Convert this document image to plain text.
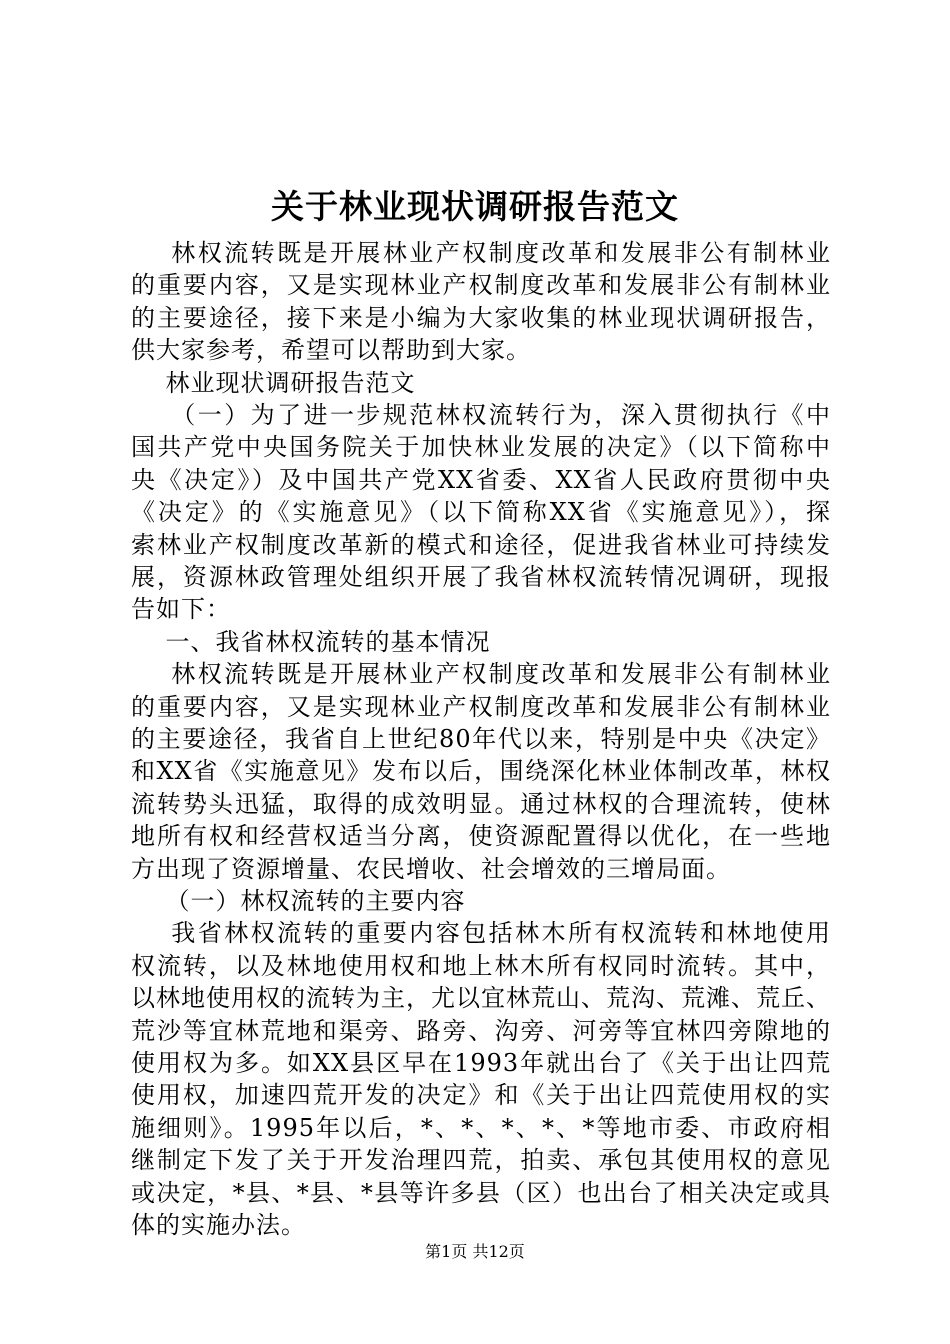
关于林业现状调研报告范文
林权流转既是开展林业产权制度改革和发展非公有制林业
的重要内容，又是实现林业产权制度改革和发展非公有制林业
的主要途径，接下来是小编为大家收集的林业现状调研报告，
供大家参考，希望可以帮助到大家。
林业现状调研报告范文
（一）为了进一步规范林权流转行为，深入贯彻执行《中
国共产党中央国务院关于加快林业发展的决定》（以下简称中
央《决定》）及中国共产党XX省委、XX省人民政府贯彻中央
《决定》的《实施意见》（以下简称XX省《实施意见》），探
索林业产权制度改革新的模式和途径，促进我省林业可持续发
展，资源林政管理处组织开展了我省林权流转情况调研，现报
告如下：
一、我省林权流转的基本情况
林权流转既是开展林业产权制度改革和发展非公有制林业
的重要内容，又是实现林业产权制度改革和发展非公有制林业
的主要途径，我省自上世纪80年代以来，特别是中央《决定》
和XX省《实施意见》发布以后，围绕深化林业体制改革，林权
流转势头迅猛，取得的成效明显。通过林权的合理流转，使林
地所有权和经营权适当分离，使资源配置得以优化，在一些地
方出现了资源增量、农民增收、社会增效的三增局面。
（一）林权流转的主要内容
我省林权流转的重要内容包括林木所有权流转和林地使用
权流转，以及林地使用权和地上林木所有权同时流转。其中，
以林地使用权的流转为主，尤以宜林荒山、荒沟、荒滩、荒丘、
荒沙等宜林荒地和渠旁、路旁、沟旁、河旁等宜林四旁隙地的
使用权为多。如XX县区早在1993年就出台了《关于出让四荒
使用权，加速四荒开发的决定》和《关于出让四荒使用权的实
施细则》。1995年以后，*、*、*、*、*等地市委、市政府相
继制定下发了关于开发治理四荒，拍卖、承包其使用权的意见
或决定，*县、*县、*县等许多县（区）也出台了相关决定或具
体的实施办法。
第1页 共12页
